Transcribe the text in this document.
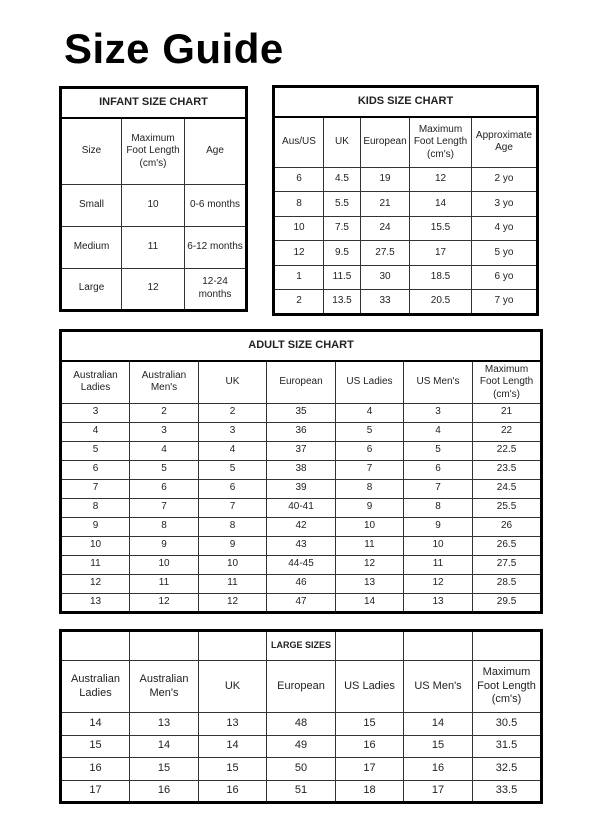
Size Guide
INFANT SIZE CHART		
Size	Maximum Foot Length (cm's)	Age
Small	10	0-6 months
Medium	11	6-12 months
Large	12	12-24 months
KIDS SIZE CHART				
Aus/US	UK	European	Maximum Foot Length (cm's)	Approximate Age
6	4.5	19	12	2 yo
8	5.5	21	14	3 yo
10	7.5	24	15.5	4 yo
12	9.5	27.5	17	5 yo
1	11.5	30	18.5	6 yo
2	13.5	33	20.5	7 yo
ADULT SIZE CHART						
Australian Ladies	Australian Men's	UK	European	US Ladies	US Men's	Maximum Foot Length (cm's)
3	2	2	35	4	3	21
4	3	3	36	5	4	22
5	4	4	37	6	5	22.5
6	5	5	38	7	6	23.5
7	6	6	39	8	7	24.5
8	7	7	40-41	9	8	25.5
9	8	8	42	10	9	26
10	9	9	43	11	10	26.5
11	10	10	44-45	12	11	27.5
12	11	11	46	13	12	28.5
13	12	12	47	14	13	29.5
			LARGE SIZES			
Australian Ladies	Australian Men's	UK	European	US Ladies	US Men's	Maximum Foot Length (cm's)
14	13	13	48	15	14	30.5
15	14	14	49	16	15	31.5
16	15	15	50	17	16	32.5
17	16	16	51	18	17	33.5
